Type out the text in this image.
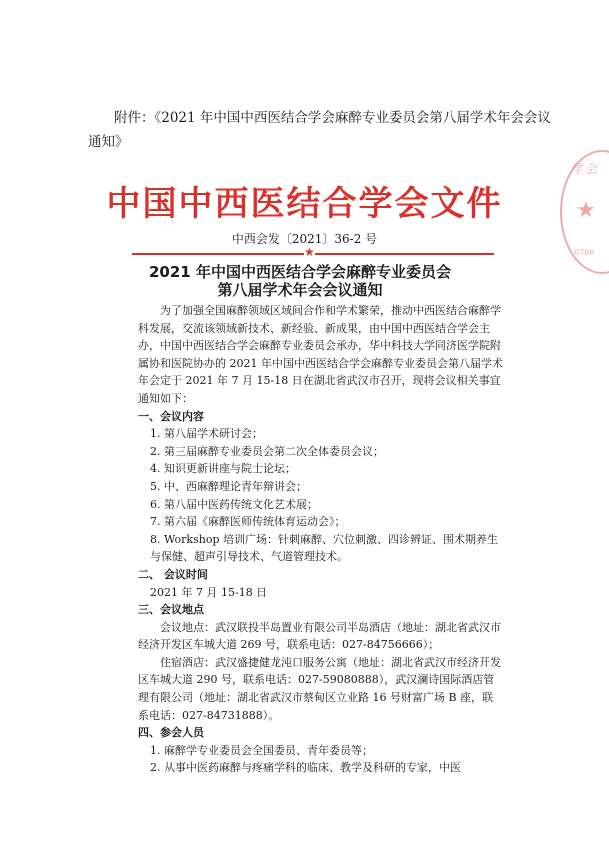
附件：《2021 年中国中西医结合学会麻醉专业委员会第八届学术年会会议通知》
中国中西医结合学会文件
中西会发〔2021〕36-2 号
★
2021 年中国中西医结合学会麻醉专业委员会
第八届学术年会会议通知

为了加强全国麻醉领域区域间合作和学术繁荣，推动中西医结合麻醉学科发展，交流该领域新技术、新经验、新成果，由中国中西医结合学会主办，中国中西医结合学会麻醉专业委员会承办，华中科技大学同济医学院附属协和医院协办的 2021 年中国中西医结合学会麻醉专业委员会第八届学术年会定于 2021 年 7 月 15-18 日在湖北省武汉市召开，现将会议相关事宜通知如下：

一、会议内容

1. 第八届学术研讨会；

2. 第三届麻醉专业委员会第二次全体委员会议；

4. 知识更新讲座与院士论坛；

5. 中、西麻醉理论青年辩讲会；

6. 第八届中医药传统文化艺术展；

7. 第六届《麻醉医师传统体育运动会》；

8. Workshop 培训广场：针刺麻醉、穴位刺激、四诊辨证、围术期养生与保健、超声引导技术、气道管理技术。

二、 会议时间

2021 年 7 月 15-18 日

三、会议地点

会议地点：武汉联投半岛置业有限公司半岛酒店（地址：湖北省武汉市经济开发区车城大道 269 号，联系电话：027-84756666）；

住宿酒店：武汉盛捷健龙沌口服务公寓（地址：湖北省武汉市经济开发区车城大道 290 号，联系电话：027-59080888），武汉澜诗国际酒店管理有限公司（地址：湖北省武汉市蔡甸区立业路 16 号财富广场 B 座，联系电话：027-84731888）。

四、参会人员

1. 麻醉学专业委员会全国委员、青年委员等；

2. 从事中医药麻醉与疼痛学科的临床、教学及科研的专家，中医

学会
★
0786
